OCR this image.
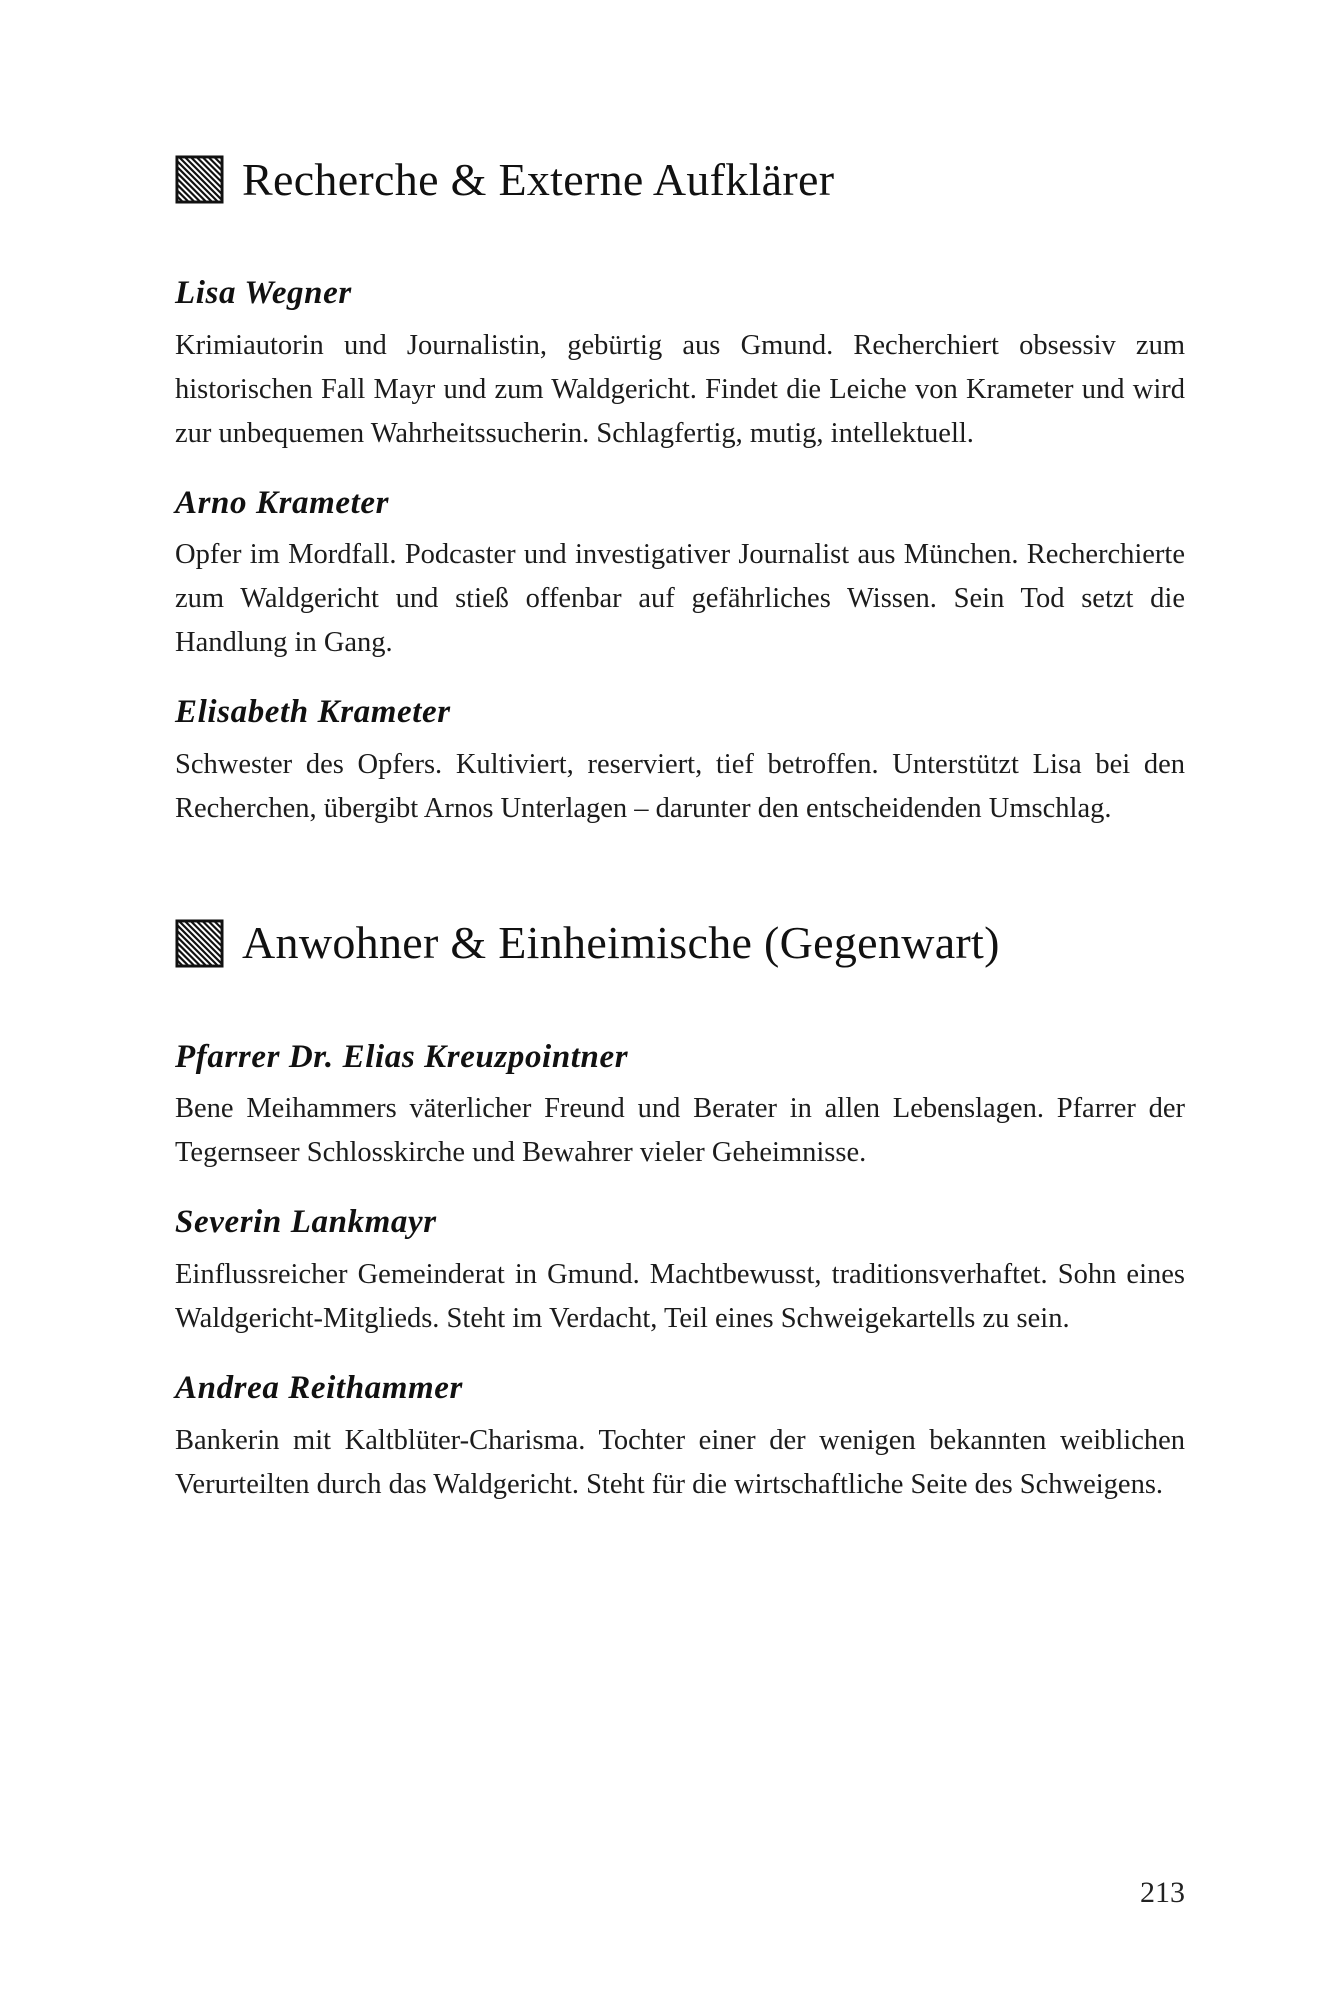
Recherche & Externe Aufklärer

Lisa Wegner

Krimiautorin und Journalistin, gebürtig aus Gmund. Recherchiert obsessiv zum historischen Fall Mayr und zum Waldgericht. Findet die Leiche von Krameter und wird zur unbequemen Wahrheitssucherin. Schlagfertig, mutig, intellektuell.

Arno Krameter

Opfer im Mordfall. Podcaster und investigativer Journalist aus München. Recherchierte zum Waldgericht und stieß offenbar auf gefährliches Wissen. Sein Tod setzt die Handlung in Gang.

Elisabeth Krameter

Schwester des Opfers. Kultiviert, reserviert, tief betroffen. Unterstützt Lisa bei den Recherchen, übergibt Arnos Unterlagen – darunter den entscheidenden Umschlag.

Anwohner & Einheimische (Gegenwart)

Pfarrer Dr. Elias Kreuzpointner

Bene Meihammers väterlicher Freund und Berater in allen Lebenslagen. Pfarrer der Tegernseer Schlosskirche und Bewahrer vieler Geheimnisse.

Severin Lankmayr

Einflussreicher Gemeinderat in Gmund. Machtbewusst, traditionsverhaftet. Sohn eines Waldgericht-Mitglieds. Steht im Verdacht, Teil eines Schweigekartells zu sein.

Andrea Reithammer

Bankerin mit Kaltblüter-Charisma. Tochter einer der wenigen bekannten weiblichen Verurteilten durch das Waldgericht. Steht für die wirtschaftliche Seite des Schweigens.

213
